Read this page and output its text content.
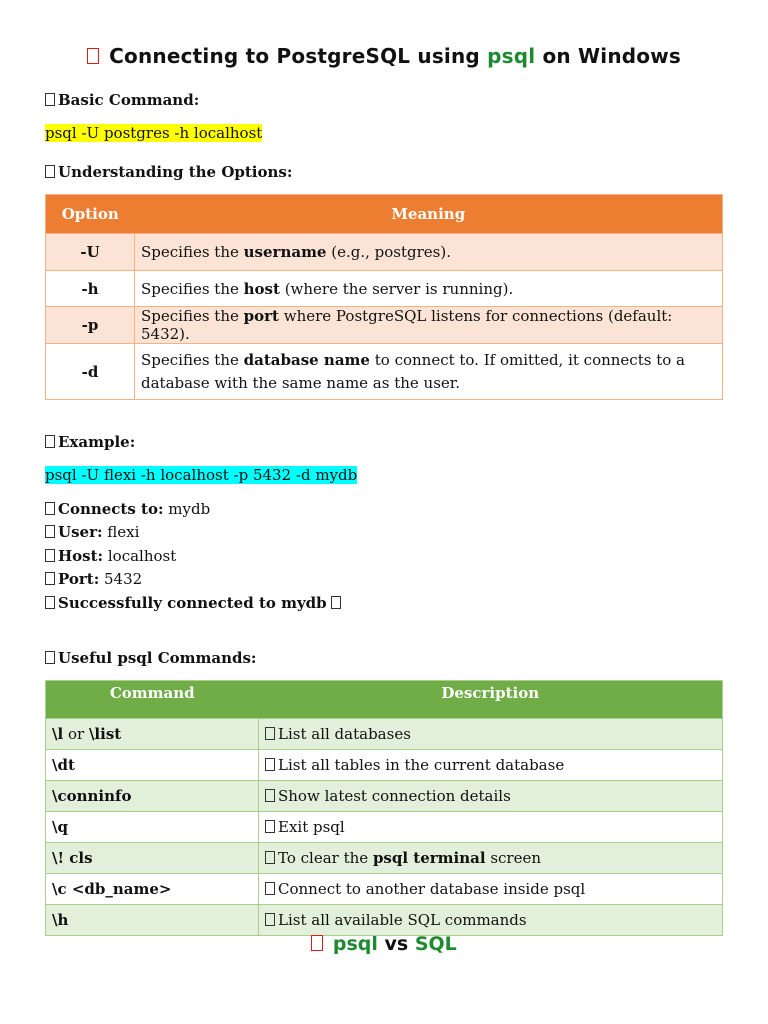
Connecting to PostgreSQL using psql on Windows
Basic Command:
psql -U postgres -h localhost
Understanding the Options:
Option	Meaning
-U	Specifies the username (e.g., postgres).
-h	Specifies the host (where the server is running).
-p	Specifies the port where PostgreSQL listens for connections (default: 5432).
-d	Specifies the database name to connect to. If omitted, it connects to a database with the same name as the user.
Example:
psql -U flexi -h localhost -p 5432 -d mydb
Connects to: mydb
User: flexi
Host: localhost
Port: 5432
Successfully connected to mydb
Useful psql Commands:
Command	Description
\l or \list	List all databases
\dt	List all tables in the current database
\conninfo	Show latest connection details
\q	Exit psql
\! cls	To clear the psql terminal screen
\c <db_name>	Connect to another database inside psql
\h	List all available SQL commands
psql vs SQL
